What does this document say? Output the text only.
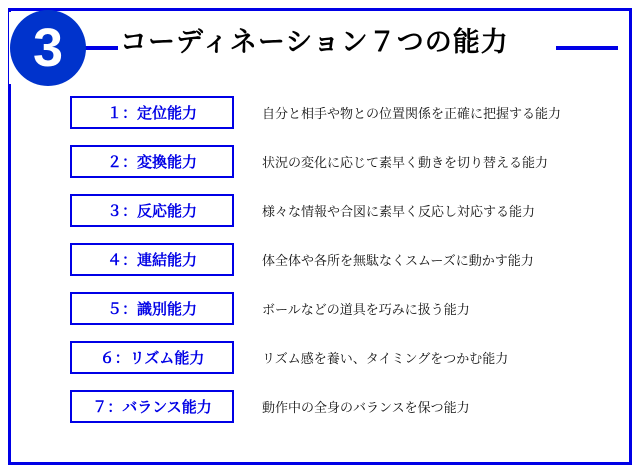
3	コーディネーション７つの能力
１：定位能力	自分と相手や物との位置関係を正確に把握する能力
２：変換能力	状況の変化に応じて素早く動きを切り替える能力
３：反応能力	様々な情報や合図に素早く反応し対応する能力
４：連結能力	体全体や各所を無駄なくスムーズに動かす能力
５：識別能力	ボールなどの道具を巧みに扱う能力
６：リズム能力	リズム感を養い、タイミングをつかむ能力
７：バランス能力	動作中の全身のバランスを保つ能力
